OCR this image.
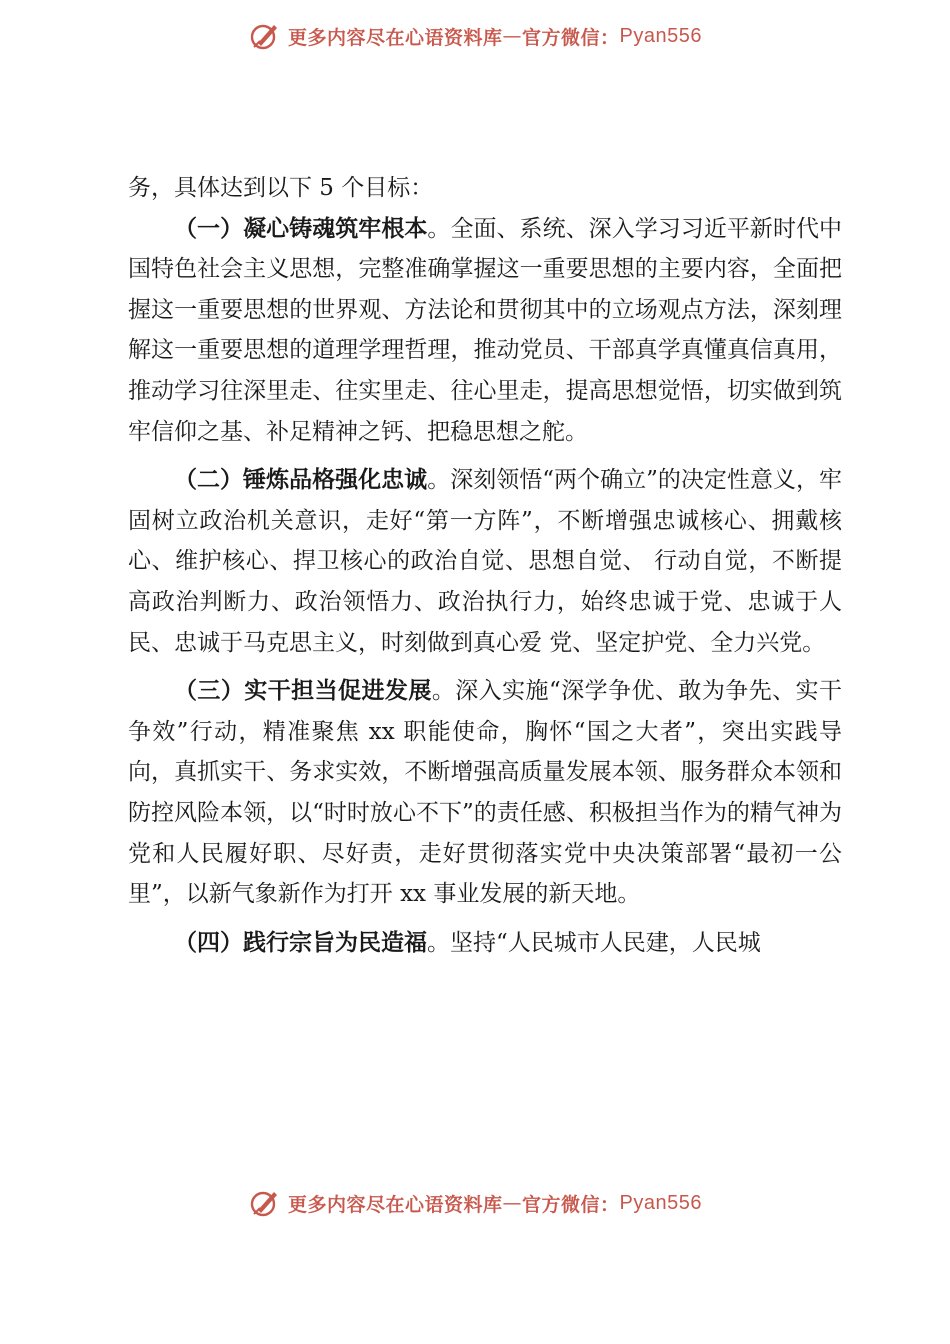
更多内容尽在心语资料库 — 官方微信： Pyan556

务，具体达到以下 5 个目标：

（一）凝心铸魂筑牢根本。全面、系统、深入学习习近平新时代中国特色社会主义思想，完整准确掌握这一重要思想的主要内容，全面把握这一重要思想的世界观、方法论和贯彻其中的立场观点方法，深刻理解这一重要思想的道理学理哲理，推动党员、干部真学真懂真信真用，推动学习往深里走、往实里走、往心里走，提高思想觉悟，切实做到筑牢信仰之基、补足精神之钙、把稳思想之舵。

（二）锤炼品格强化忠诚。深刻领悟“两个确立”的决定性意义，牢固树立政治机关意识，走好“第一方阵”，不断增强忠诚核心、拥戴核心、维护核心、捍卫核心的政治自觉、思想自觉、 行动自觉，不断提高政治判断力、政治领悟力、政治执行力，始终忠诚于党、忠诚于人民、忠诚于马克思主义，时刻做到真心爱 党、坚定护党、全力兴党。

（三）实干担当促进发展。深入实施“深学争优、敢为争先、实干争效”行动，精准聚焦 xx 职能使命，胸怀“国之大者”，突出实践导向，真抓实干、务求实效，不断增强高质量发展本领、服务群众本领和防控风险本领，以“时时放心不下”的责任感、积极担当作为的精气神为党和人民履好职、尽好责，走好贯彻落实党中央决策部署“最初一公里”，以新气象新作为打开 xx 事业发展的新天地。

（四）践行宗旨为民造福。坚持“人民城市人民建，人民城

更多内容尽在心语资料库 — 官方微信： Pyan556
